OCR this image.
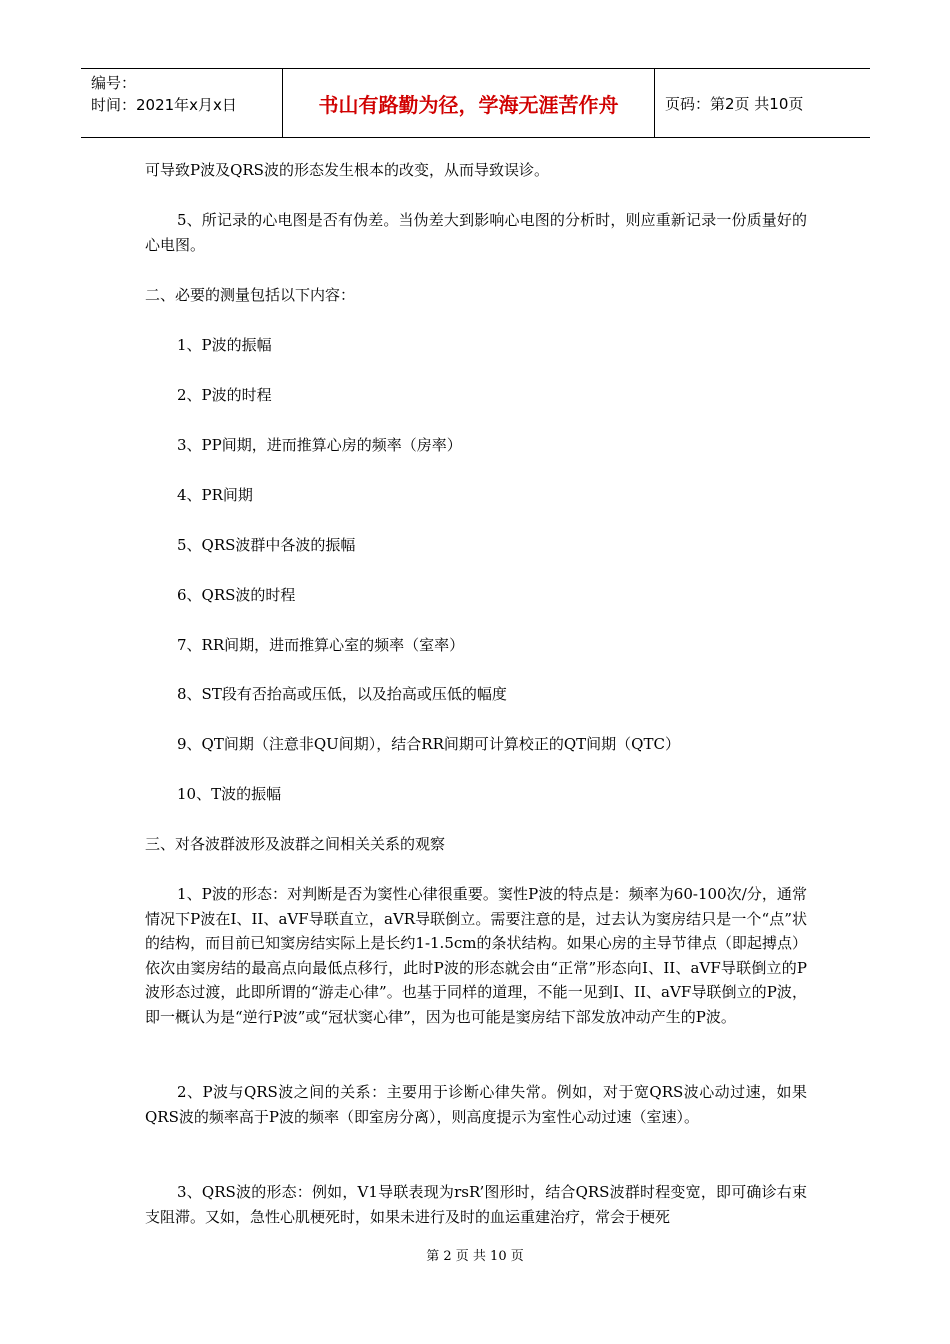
编号：
时间：2021年x月x日	书山有路勤为径，学海无涯苦作舟	页码：第2页 共10页
可导致P波及QRS波的形态发生根本的改变，从而导致误诊。
5、所记录的心电图是否有伪差。当伪差大到影响心电图的分析时，则应重新记录一份质量好的心电图。
二、必要的测量包括以下内容：
1、P波的振幅
2、P波的时程
3、PP间期，进而推算心房的频率（房率）
4、PR间期
5、QRS波群中各波的振幅
6、QRS波的时程
7、RR间期，进而推算心室的频率（室率）
8、ST段有否抬高或压低，以及抬高或压低的幅度
9、QT间期（注意非QU间期），结合RR间期可计算校正的QT间期（QTC）
10、T波的振幅
三、对各波群波形及波群之间相关关系的观察
1、P波的形态：对判断是否为窦性心律很重要。窦性P波的特点是：频率为60-100次/分，通常情况下P波在I、II、aVF导联直立，aVR导联倒立。需要注意的是，过去认为窦房结只是一个“点”状的结构，而目前已知窦房结实际上是长约1-1.5cm的条状结构。如果心房的主导节律点（即起搏点）依次由窦房结的最高点向最低点移行，此时P波的形态就会由“正常”形态向I、II、aVF导联倒立的P波形态过渡，此即所谓的“游走心律”。也基于同样的道理，不能一见到I、II、aVF导联倒立的P波，即一概认为是“逆行P波”或“冠状窦心律”，因为也可能是窦房结下部发放冲动产生的P波。
2、P波与QRS波之间的关系：主要用于诊断心律失常。例如，对于宽QRS波心动过速，如果QRS波的频率高于P波的频率（即室房分离），则高度提示为室性心动过速（室速）。
3、QRS波的形态：例如，V1导联表现为rsR’图形时，结合QRS波群时程变宽，即可确诊右束支阻滞。又如，急性心肌梗死时，如果未进行及时的血运重建治疗，常会于梗死
第 2 页 共 10 页
